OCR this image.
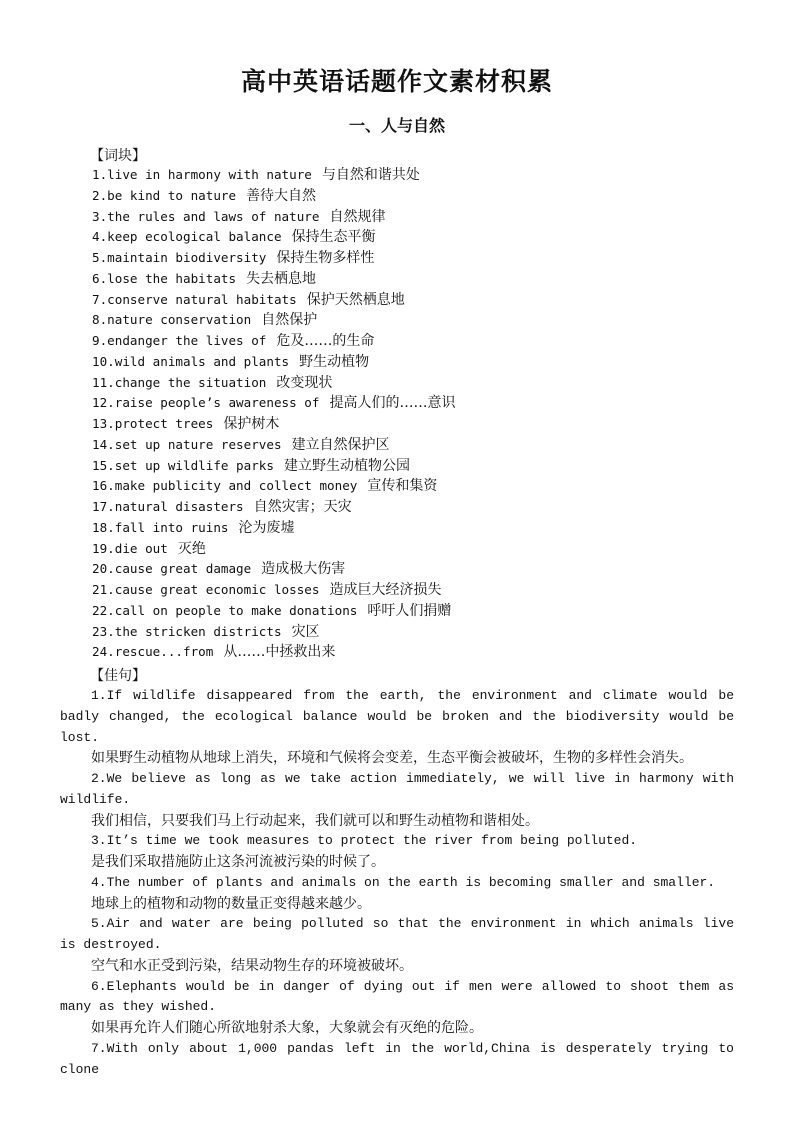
高中英语话题作文素材积累
一、人与自然
【词块】
1.live in harmony with nature 与自然和谐共处
2.be kind to nature 善待大自然
3.the rules and laws of nature 自然规律
4.keep ecological balance 保持生态平衡
5.maintain biodiversity 保持生物多样性
6.lose the habitats 失去栖息地
7.conserve natural habitats 保护天然栖息地
8.nature conservation 自然保护
9.endanger the lives of 危及……的生命
10.wild animals and plants 野生动植物
11.change the situation 改变现状
12.raise people’s awareness of 提高人们的……意识
13.protect trees 保护树木
14.set up nature reserves 建立自然保护区
15.set up wildlife parks 建立野生动植物公园
16.make publicity and collect money 宣传和集资
17.natural disasters 自然灾害；天灾
18.fall into ruins 沦为废墟
19.die out 灭绝
20.cause great damage 造成极大伤害
21.cause great economic losses 造成巨大经济损失
22.call on people to make donations 呼吁人们捐赠
23.the stricken districts 灾区
24.rescue...from 从……中拯救出来
【佳句】

1.If wildlife disappeared from the earth, the environment and climate would be badly changed, the ecological balance would be broken and the biodiversity would be lost.

如果野生动植物从地球上消失，环境和气候将会变差，生态平衡会被破坏，生物的多样性会消失。

2.We believe as long as we take action immediately, we will live in harmony with wildlife.

我们相信，只要我们马上行动起来，我们就可以和野生动植物和谐相处。

3.It’s time we took measures to protect the river from being polluted.

是我们采取措施防止这条河流被污染的时候了。

4.The number of plants and animals on the earth is becoming smaller and smaller.

地球上的植物和动物的数量正变得越来越少。

5.Air and water are being polluted so that the environment in which animals live is destroyed.

空气和水正受到污染，结果动物生存的环境被破坏。

6.Elephants would be in danger of dying out if men were allowed to shoot them as many as they wished.

如果再允许人们随心所欲地射杀大象，大象就会有灭绝的危险。

7.With only about 1,000 pandas left in the world,China is desperately trying to clone
